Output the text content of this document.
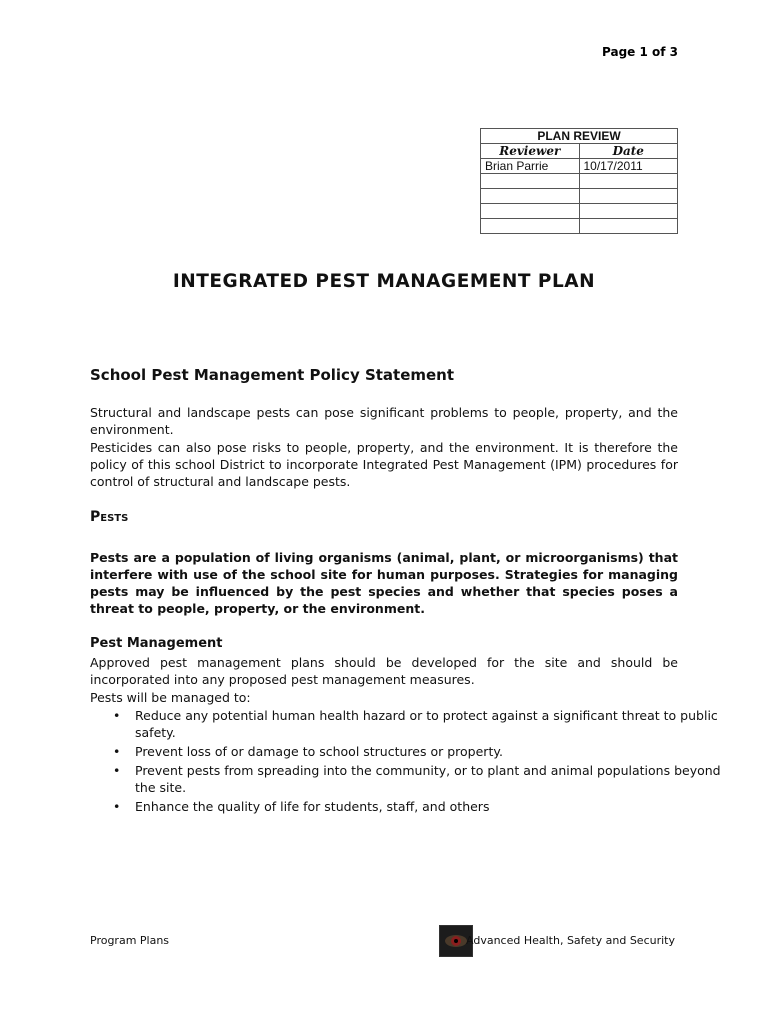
Page 1 of 3
PLAN REVIEW	
Reviewer	Date
Brian Parrie	10/17/2011

INTEGRATED PEST MANAGEMENT PLAN
School Pest Management Policy Statement

Structural and landscape pests can pose significant problems to people, property, and the environment.

Pesticides can also pose risks to people, property, and the environment. It is therefore the policy of this school District to incorporate Integrated Pest Management (IPM) procedures for control of structural and landscape pests.

Pests

Pests are a population of living organisms (animal, plant, or microorganisms) that interfere with use of the school site for human purposes. Strategies for managing pests may be influenced by the pest species and whether that species poses a threat to people, property, or the environment.

Pest Management

Approved pest management plans should be developed for the site and should be incorporated into any proposed pest management measures.

Pests will be managed to:

• Reduce any potential human health hazard or to protect against a significant threat to public safety.
• Prevent loss of or damage to school structures or property.
• Prevent pests from spreading into the community, or to plant and animal populations beyond the site.
• Enhance the quality of life for students, staff, and others
Program Plans	Advanced Health, Safety and Security
